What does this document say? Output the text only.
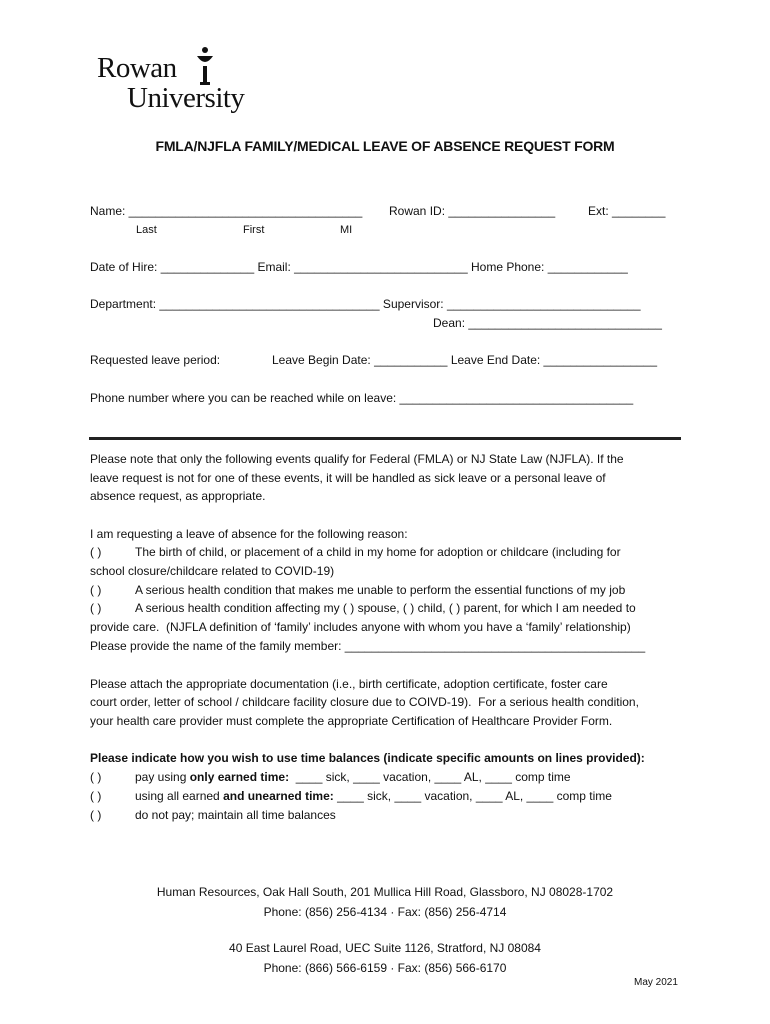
Rowan
University
FMLA/NJFLA FAMILY/MEDICAL LEAVE OF ABSENCE REQUEST FORM
Name: ___________________________________ Rowan ID: ________________	Ext: ________
Last	First	MI
Date of Hire: ______________ Email: __________________________ Home Phone: ____________
Department: _________________________________ Supervisor: _____________________________
Dean: _____________________________
Requested leave period:	Leave Begin Date: ___________ Leave End Date: _________________
Phone number where you can be reached while on leave: ___________________________________
Please note that only the following events qualify for Federal (FMLA) or NJ State Law (NJFLA). If the
leave request is not for one of these events, it will be handled as sick leave or a personal leave of
absence request, as appropriate.
I am requesting a leave of absence for the following reason:
( )	The birth of child, or placement of a child in my home for adoption or childcare (including for
school closure/childcare related to COVID-19)
( )	A serious health condition that makes me unable to perform the essential functions of my job
( )	A serious health condition affecting my ( ) spouse, ( ) child, ( ) parent, for which I am needed to
provide care.  (NJFLA definition of ‘family’ includes anyone with whom you have a ‘family’ relationship)
Please provide the name of the family member: _____________________________________________
Please attach the appropriate documentation (i.e., birth certificate, adoption certificate, foster care
court order, letter of school / childcare facility closure due to COIVD-19).  For a serious health condition,
your health care provider must complete the appropriate Certification of Healthcare Provider Form.
Please indicate how you wish to use time balances (indicate specific amounts on lines provided):
( )	pay using only earned time:  ____ sick, ____ vacation, ____ AL, ____ comp time
( )	using all earned and unearned time: ____ sick, ____ vacation, ____ AL, ____ comp time
( )	do not pay; maintain all time balances
Human Resources, Oak Hall South, 201 Mullica Hill Road, Glassboro, NJ 08028-1702
Phone: (856) 256-4134 · Fax: (856) 256-4714
40 East Laurel Road, UEC Suite 1126, Stratford, NJ 08084
Phone: (866) 566-6159 · Fax: (856) 566-6170
May 2021
